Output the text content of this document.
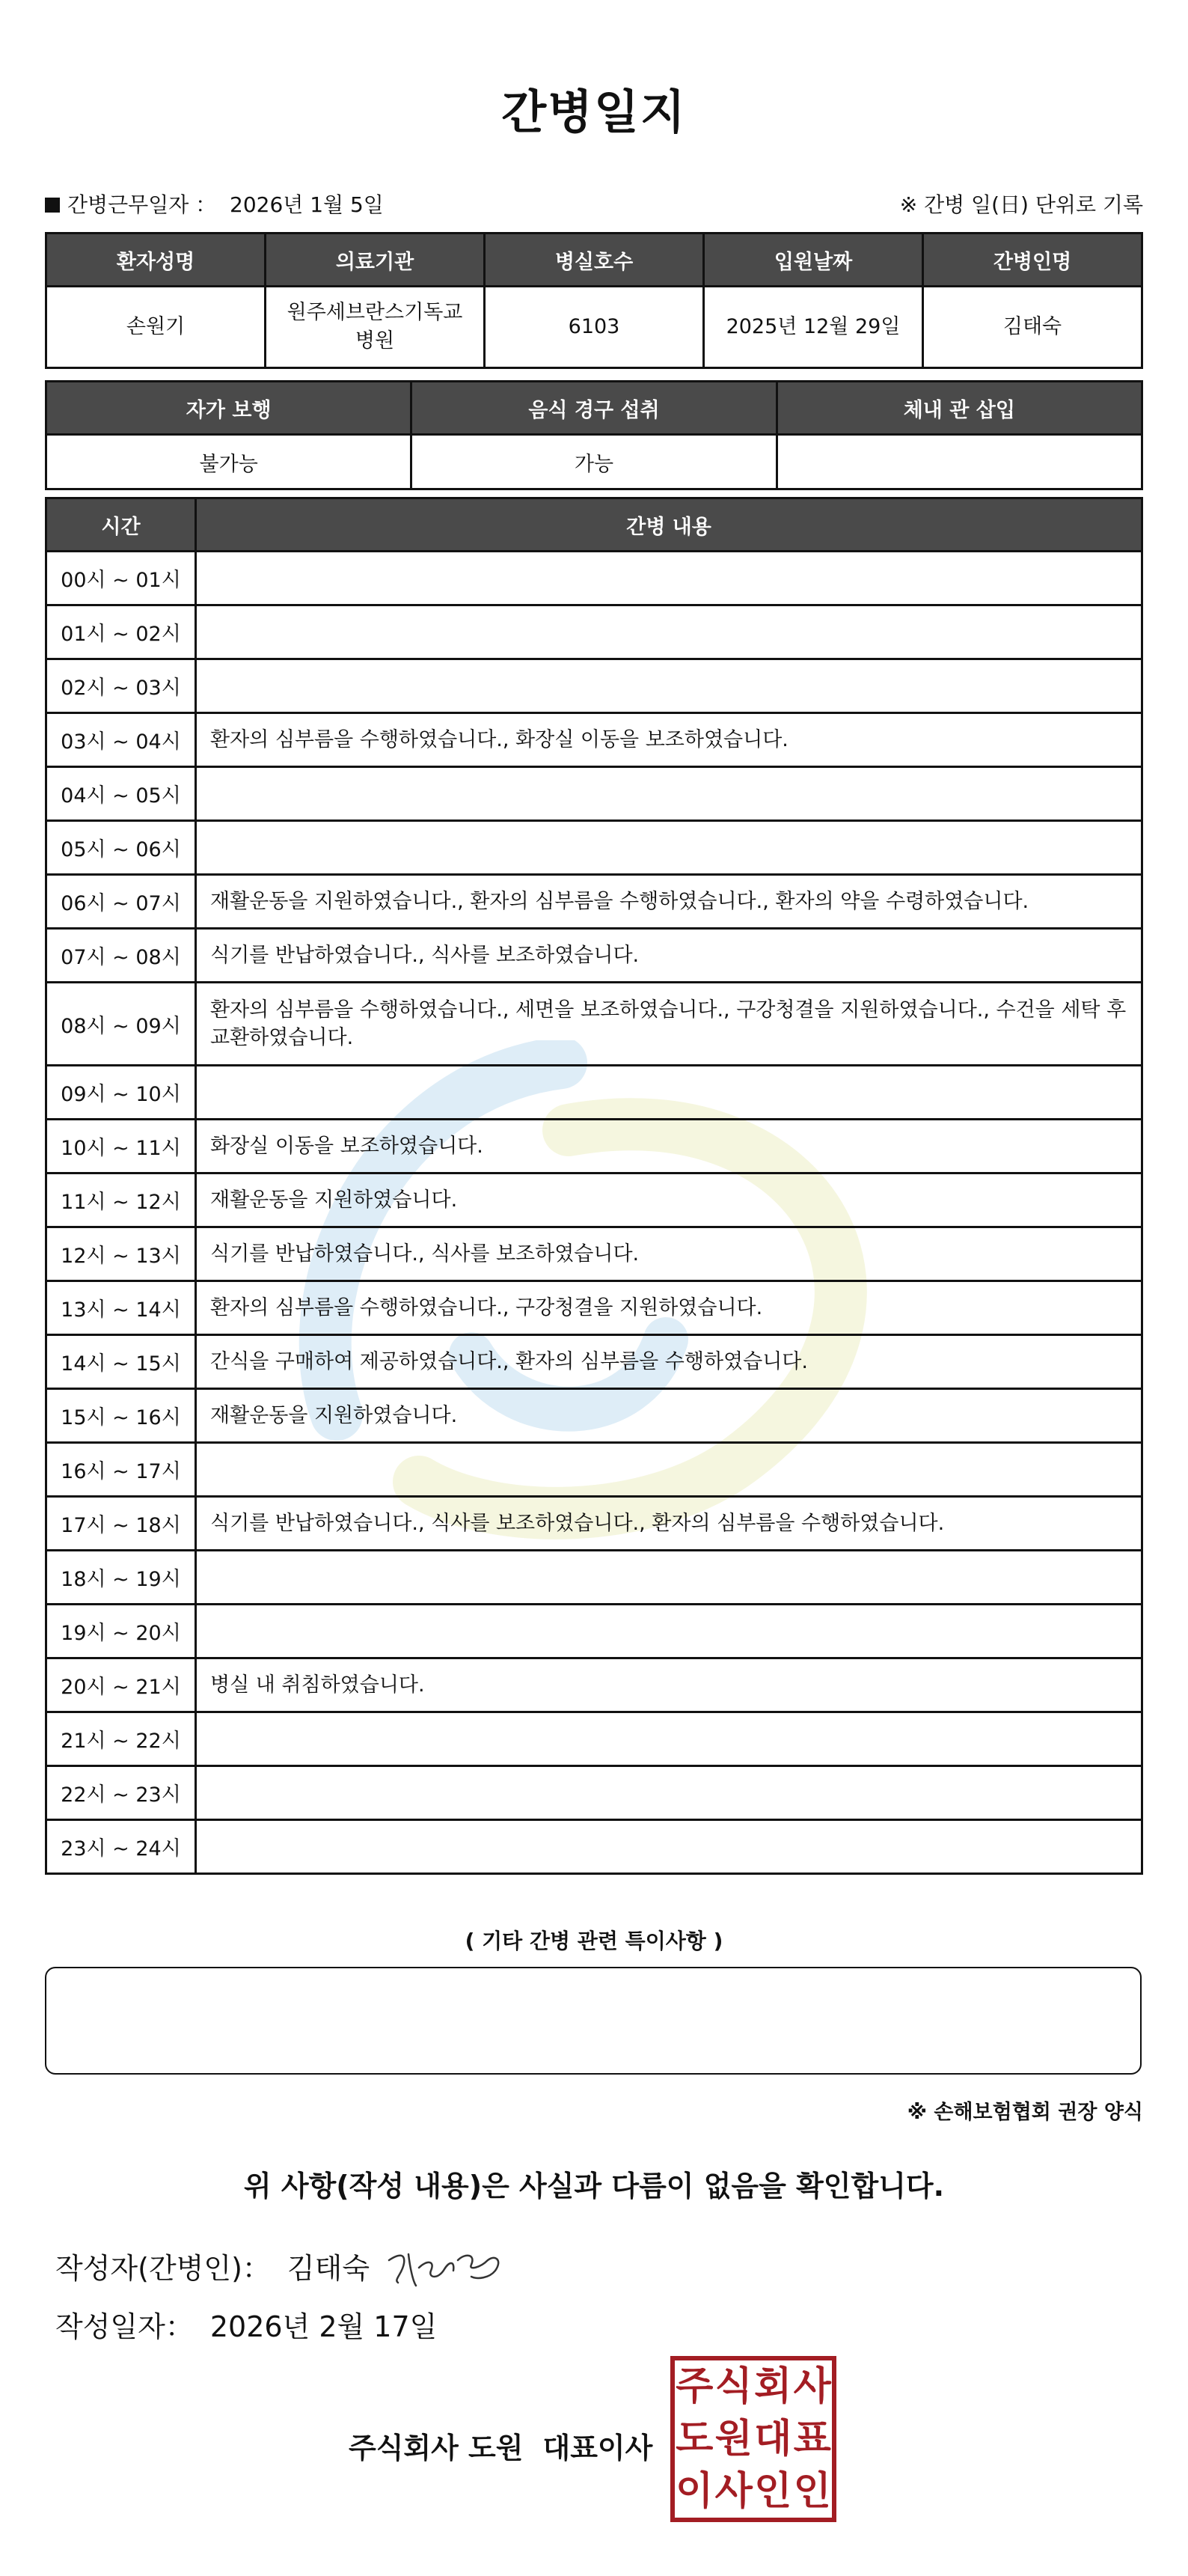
간병일지
간병근무일자 ： 2026년 1월 5일	※ 간병 일(日) 단위로 기록
환자성명	의료기관	병실호수	입원날짜	간병인명
손원기	원주세브란스기독교병원	6103	2025년 12월 29일	김태숙
자가 보행	음식 경구 섭취	체내 관 삽입
불가능	가능	
시간	간병 내용
00시 ~ 01시	
01시 ~ 02시	
02시 ~ 03시	
03시 ~ 04시	환자의 심부름을 수행하였습니다., 화장실 이동을 보조하였습니다.
04시 ~ 05시	
05시 ~ 06시	
06시 ~ 07시	재활운동을 지원하였습니다., 환자의 심부름을 수행하였습니다., 환자의 약을 수령하였습니다.
07시 ~ 08시	식기를 반납하였습니다., 식사를 보조하였습니다.
08시 ~ 09시	환자의 심부름을 수행하였습니다., 세면을 보조하였습니다., 구강청결을 지원하였습니다., 수건을 세탁 후 교환하였습니다.
09시 ~ 10시	
10시 ~ 11시	화장실 이동을 보조하였습니다.
11시 ~ 12시	재활운동을 지원하였습니다.
12시 ~ 13시	식기를 반납하였습니다., 식사를 보조하였습니다.
13시 ~ 14시	환자의 심부름을 수행하였습니다., 구강청결을 지원하였습니다.
14시 ~ 15시	간식을 구매하여 제공하였습니다., 환자의 심부름을 수행하였습니다.
15시 ~ 16시	재활운동을 지원하였습니다.
16시 ~ 17시	
17시 ~ 18시	식기를 반납하였습니다., 식사를 보조하였습니다., 환자의 심부름을 수행하였습니다.
18시 ~ 19시	
19시 ~ 20시	
20시 ~ 21시	병실 내 취침하였습니다.
21시 ~ 22시	
22시 ~ 23시	
23시 ~ 24시	
( 기타 간병 관련 특이사항 )
※ 손해보험협회 권장 양식
위 사항(작성 내용)은 사실과 다름이 없음을 확인합니다.
작성자(간병인)： 김태숙
작성일자： 2026년 2월 17일
주식회사 도원 대표이사
주 식 회 사
도 원 대 표
이 사 인 인
